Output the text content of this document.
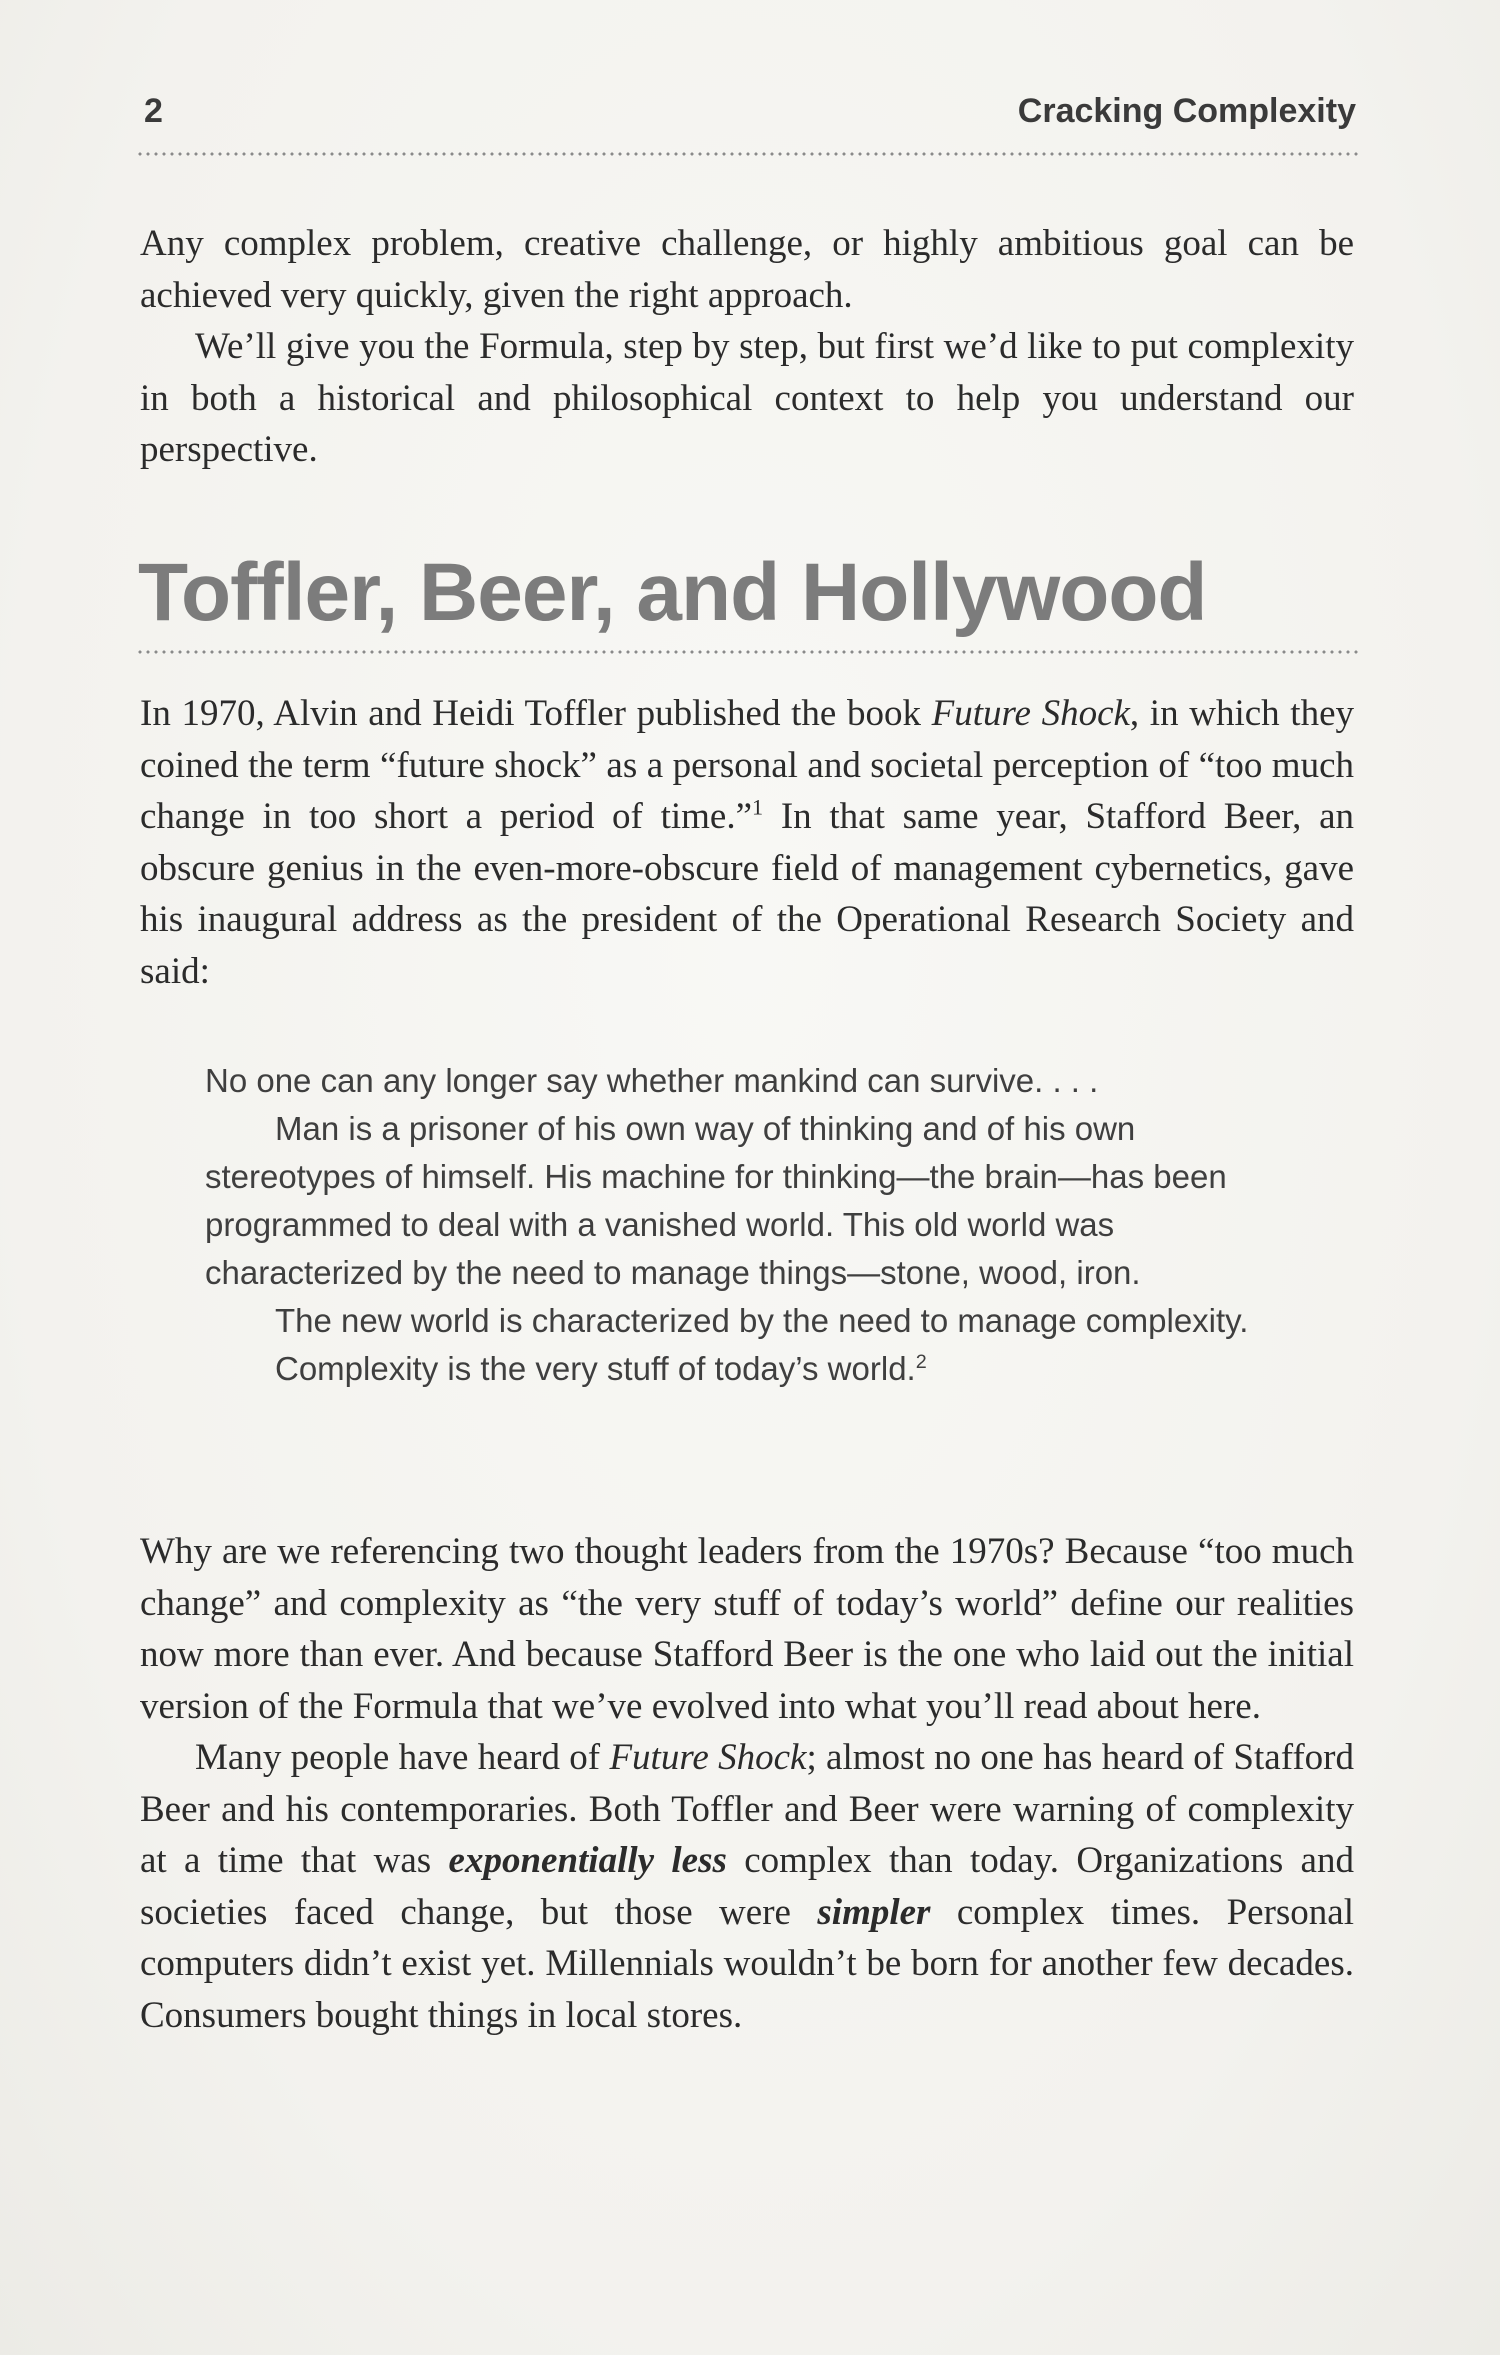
2	Cracking Complexity

Any complex problem, creative challenge, or highly ambitious goal can be achieved very quickly, given the right approach.

We’ll give you the Formula, step by step, but first we’d like to put complexity in both a historical and philosophical context to help you understand our perspective.

Toffler, Beer, and Hollywood

In 1970, Alvin and Heidi Toffler published the book Future Shock, in which they coined the term “future shock” as a personal and societal perception of “too much change in too short a period of time.”$^1$ In that same year, Stafford Beer, an obscure genius in the even-more-obscure field of management cybernetics, gave his inaugural address as the president of the Operational Research Society and said:

No one can any longer say whether mankind can survive. . . .

Man is a prisoner of his own way of thinking and of his own stereotypes of himself. His machine for thinking—the brain—has been programmed to deal with a vanished world. This old world was characterized by the need to manage things—stone, wood, iron.

The new world is characterized by the need to manage complexity.

Complexity is the very stuff of today’s world.$^2$

Why are we referencing two thought leaders from the 1970s? Because “too much change” and complexity as “the very stuff of today’s world” define our realities now more than ever. And because Stafford Beer is the one who laid out the initial version of the Formula that we’ve evolved into what you’ll read about here.

Many people have heard of Future Shock; almost no one has heard of Stafford Beer and his contemporaries. Both Toffler and Beer were warning of complexity at a time that was exponentially less complex than today. Organizations and societies faced change, but those were simpler complex times. Personal computers didn’t exist yet. Millennials wouldn’t be born for another few decades. Consumers bought things in local stores.
